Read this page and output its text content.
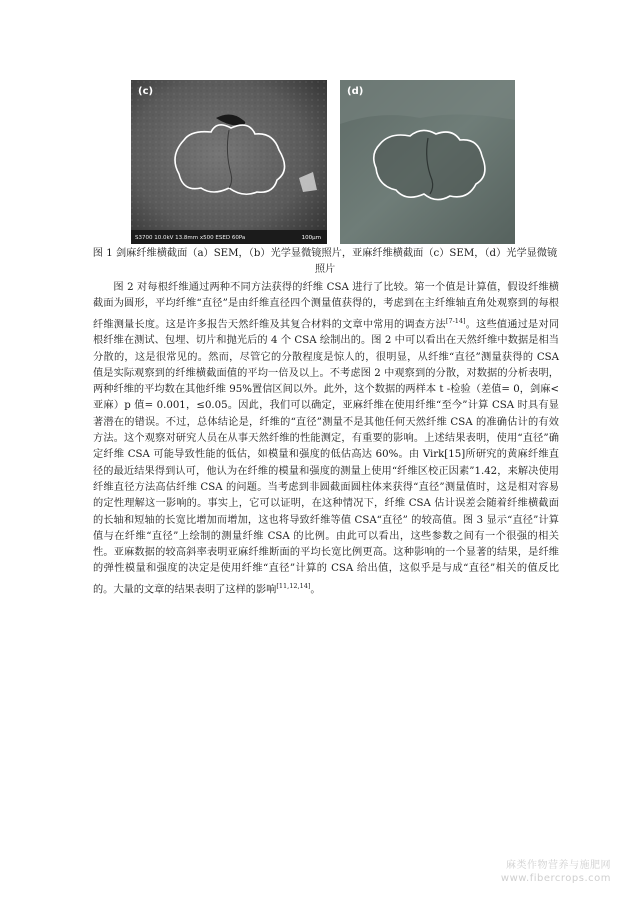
(c)
S3700 10.0kV 13.8mm x500 ESED 60Pa	100µm
(d)
图 1 剑麻纤维横截面（a）SEM，（b）光学显微镜照片，亚麻纤维横截面（c）SEM，（d）光学显微镜照片
图 2 对每根纤维通过两种不同方法获得的纤维 CSA 进行了比较。第一个值是计算值，假设纤维横截面为圆形，平均纤维“直径”是由纤维直径四个测量值获得的，考虑到在主纤维轴直角处观察到的每根纤维测量长度。这是许多报告天然纤维及其复合材料的文章中常用的调查方法[7-14]。这些值通过是对同根纤维在测试、包埋、切片和抛光后的 4 个 CSA 绘制出的。图 2 中可以看出在天然纤维中数据是相当分散的，这是很常见的。然而，尽管它的分散程度是惊人的，很明显，从纤维“直径”测量获得的 CSA 值是实际观察到的纤维横截面值的平均一倍及以上。不考虑图 2 中观察到的分散，对数据的分析表明，两种纤维的平均数在其他纤维 95%置信区间以外。此外，这个数据的两样本 t -检验（差值= 0，剑麻<亚麻）p 值= 0.001，≤0.05。因此，我们可以确定，亚麻纤维在使用纤维“至今”计算 CSA 时具有显著潜在的错误。不过，总体结论是，纤维的“直径”测量不是其他任何天然纤维 CSA 的准确估计的有效方法。这个观察对研究人员在从事天然纤维的性能测定，有重要的影响。上述结果表明，使用“直径”确定纤维 CSA 可能导致性能的低估，如模量和强度的低估高达 60%。由 Virk[15]所研究的黄麻纤维直径的最近结果得到认可，他认为在纤维的模量和强度的测量上使用“纤维区校正因素”1.42，来解决使用纤维直径方法高估纤维 CSA 的问题。当考虑到非圆截面圆柱体来获得“直径”测量值时，这是相对容易的定性理解这一影响的。事实上，它可以证明，在这种情况下，纤维 CSA 估计误差会随着纤维横截面的长轴和短轴的长宽比增加而增加，这也将导致纤维等值 CSA“直径” 的较高值。图 3 显示“直径”计算值与在纤维“直径”上绘制的测量纤维 CSA 的比例。由此可以看出，这些参数之间有一个很强的相关性。亚麻数据的较高斜率表明亚麻纤维断面的平均长宽比例更高。这种影响的一个显著的结果，是纤维的弹性模量和强度的决定是使用纤维“直径”计算的 CSA 给出值，这似乎是与成“直径”相关的值反比的。大量的文章的结果表明了这样的影响[11,12,14]。
麻类作物营养与施肥网
www.fibercrops.com
